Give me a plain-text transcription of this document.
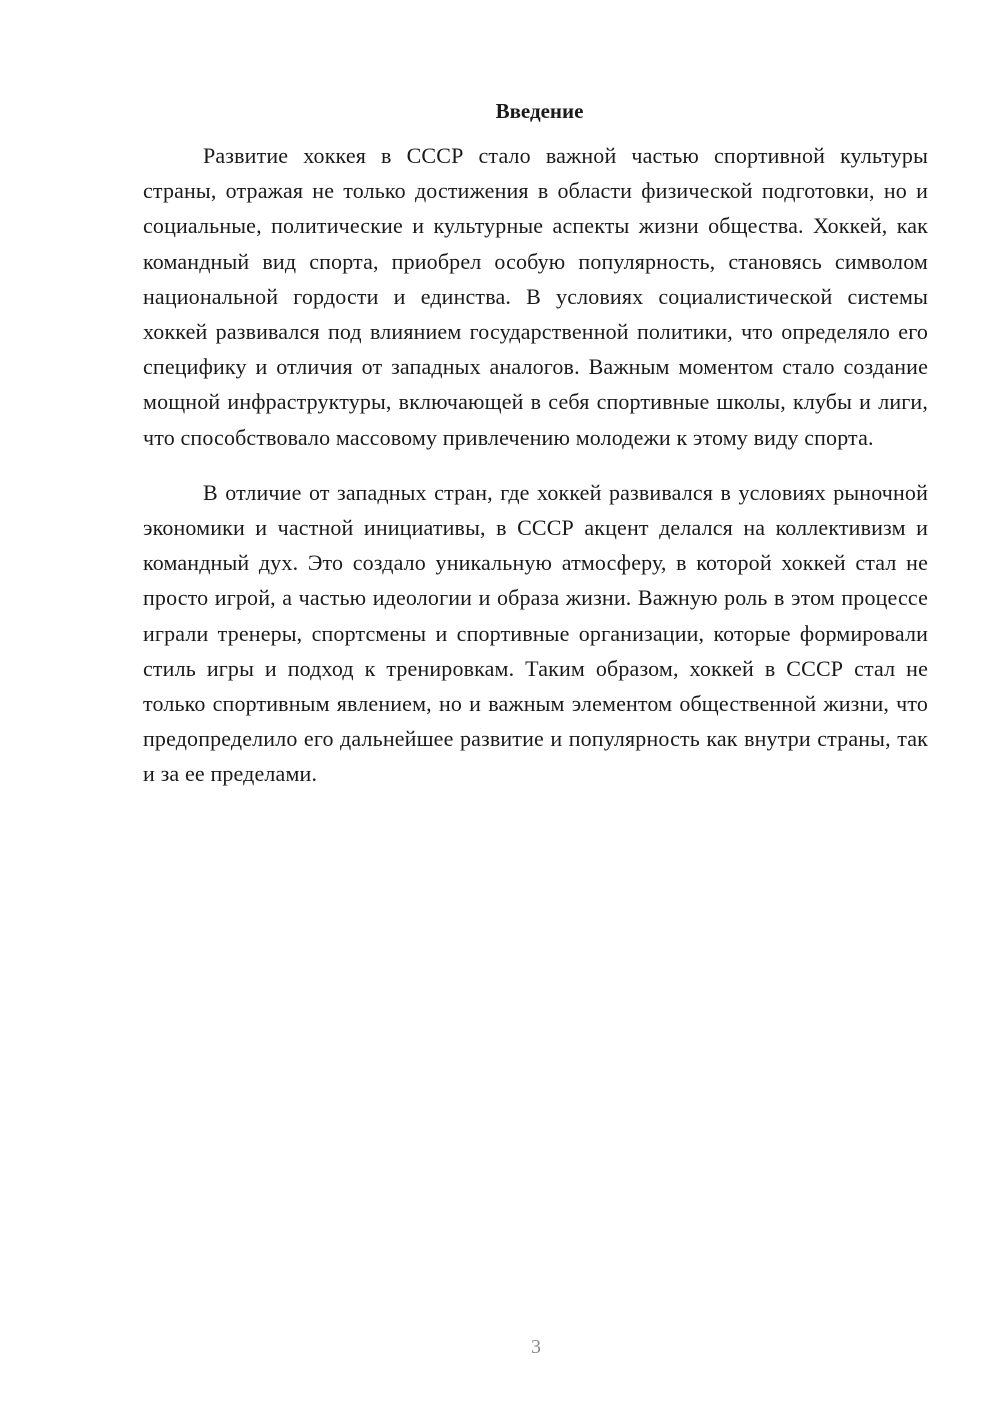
Введение

Развитие хоккея в СССР стало важной частью спортивной культуры страны, отражая не только достижения в области физической подготовки, но и социальные, политические и культурные аспекты жизни общества. Хоккей, как командный вид спорта, приобрел особую популярность, становясь символом национальной гордости и единства. В условиях социалистической системы хоккей развивался под влиянием государственной политики, что определяло его специфику и отличия от западных аналогов. Важным моментом стало создание мощной инфраструктуры, включающей в себя спортивные школы, клубы и лиги, что способствовало массовому привлечению молодежи к этому виду спорта.

В отличие от западных стран, где хоккей развивался в условиях рыночной экономики и частной инициативы, в СССР акцент делался на коллективизм и командный дух. Это создало уникальную атмосферу, в которой хоккей стал не просто игрой, а частью идеологии и образа жизни. Важную роль в этом процессе играли тренеры, спортсмены и спортивные организации, которые формировали стиль игры и подход к тренировкам. Таким образом, хоккей в СССР стал не только спортивным явлением, но и важным элементом общественной жизни, что предопределило его дальнейшее развитие и популярность как внутри страны, так и за ее пределами.

3
